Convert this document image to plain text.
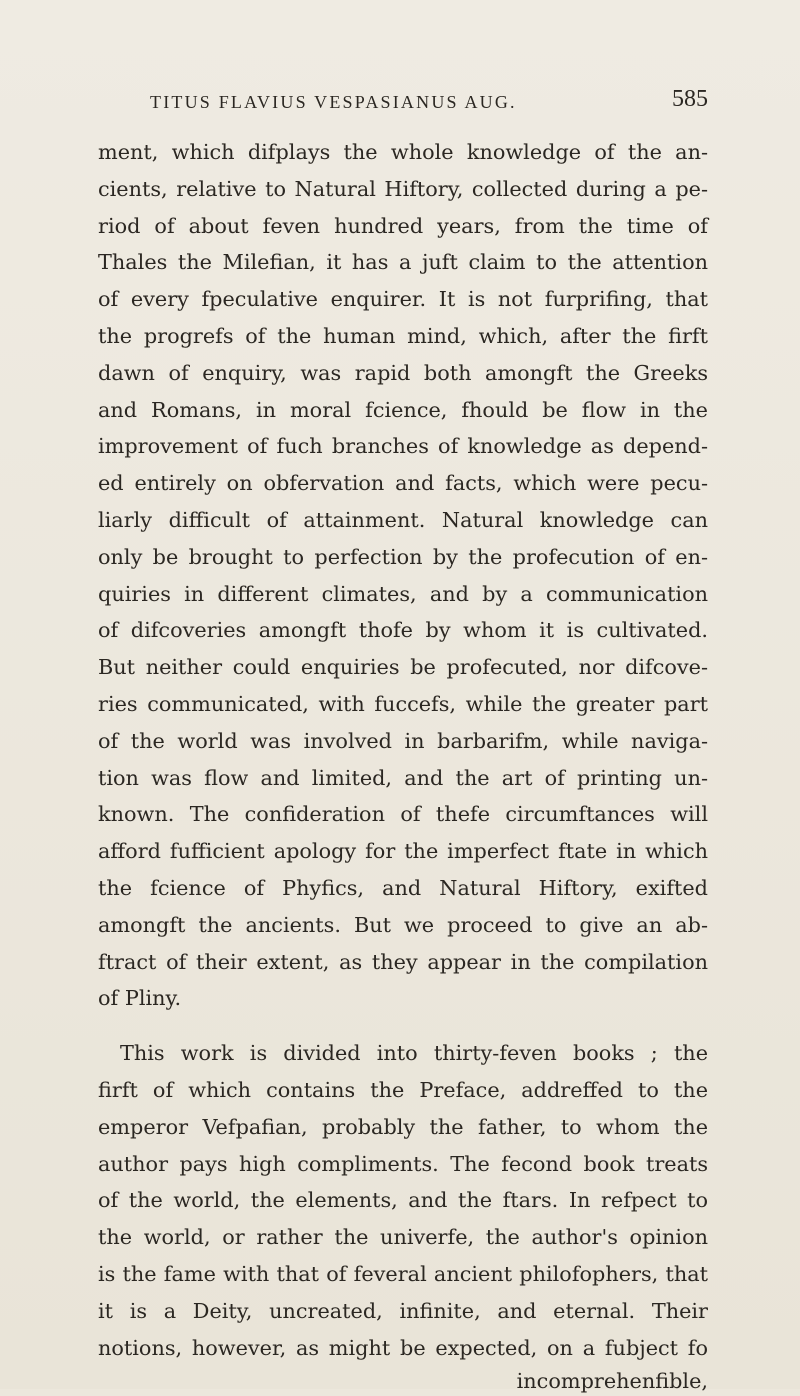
TITUS FLAVIUS VESPASIANUS AUG.	585
ment, which difplays the whole knowledge of the an-
cients, relative to Natural Hiftory, collected during a pe-
riod of about feven hundred years, from the time of
Thales the Milefian, it has a juft claim to the attention
of every fpeculative enquirer. It is not furprifing, that
the progrefs of the human mind, which, after the firft
dawn of enquiry, was rapid both amongft the Greeks
and Romans, in moral fcience, fhould be flow in the
improvement of fuch branches of knowledge as depend-
ed entirely on obfervation and facts, which were pecu-
liarly difficult of attainment. Natural knowledge can
only be brought to perfection by the profecution of en-
quiries in different climates, and by a communication
of difcoveries amongft thofe by whom it is cultivated.
But neither could enquiries be profecuted, nor difcove-
ries communicated, with fuccefs, while the greater part
of the world was involved in barbarifm, while naviga-
tion was flow and limited, and the art of printing un-
known. The confideration of thefe circumftances will
afford fufficient apology for the imperfect ftate in which
the fcience of Phyfics, and Natural Hiftory, exifted
amongft the ancients. But we proceed to give an ab-
ftract of their extent, as they appear in the compilation
of Pliny.
This work is divided into thirty-feven books ; the
firft of which contains the Preface, addreffed to the
emperor Vefpafian, probably the father, to whom the
author pays high compliments. The fecond book treats
of the world, the elements, and the ftars. In refpect to
the world, or rather the univerfe, the author's opinion
is the fame with that of feveral ancient philofophers, that
it is a Deity, uncreated, infinite, and eternal. Their
notions, however, as might be expected, on a fubject fo
incomprehenfible,
